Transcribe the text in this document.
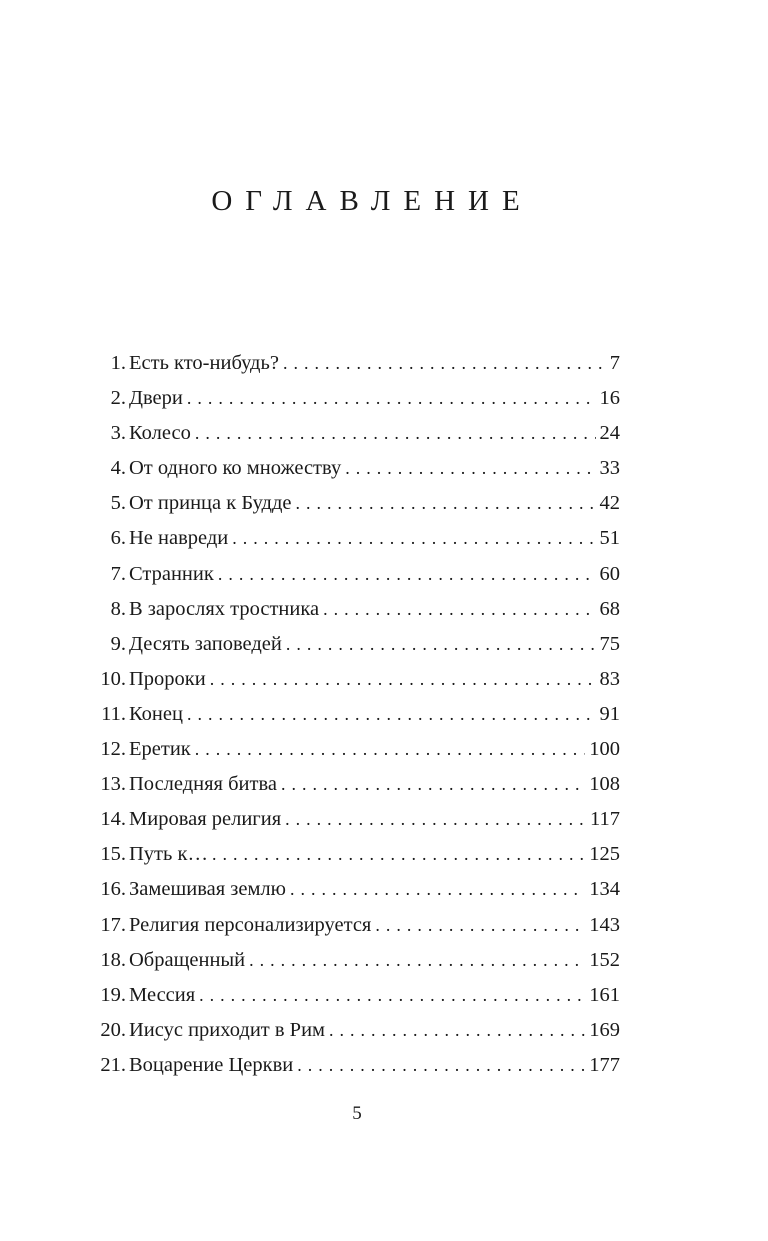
ОГЛАВЛЕНИЕ
1. Есть кто-нибудь? . . .	7
2. Двери . . .	16
3. Колесо . . .	24
4. От одного ко множеству . . .	33
5. От принца к Будде . . .	42
6. Не навреди . . .	51
7. Странник . . .	60
8. В зарослях тростника . . .	68
9. Десять заповедей . . .	75
10. Пророки . . .	83
11. Конец . . .	91
12. Еретик . . .	100
13. Последняя битва . . .	108
14. Мировая религия . . .	117
15. Путь к… . . .	125
16. Замешивая землю . . .	134
17. Религия персонализируется . . .	143
18. Обращенный . . .	152
19. Мессия . . .	161
20. Иисус приходит в Рим . . .	169
21. Воцарение Церкви . . .	177
5
